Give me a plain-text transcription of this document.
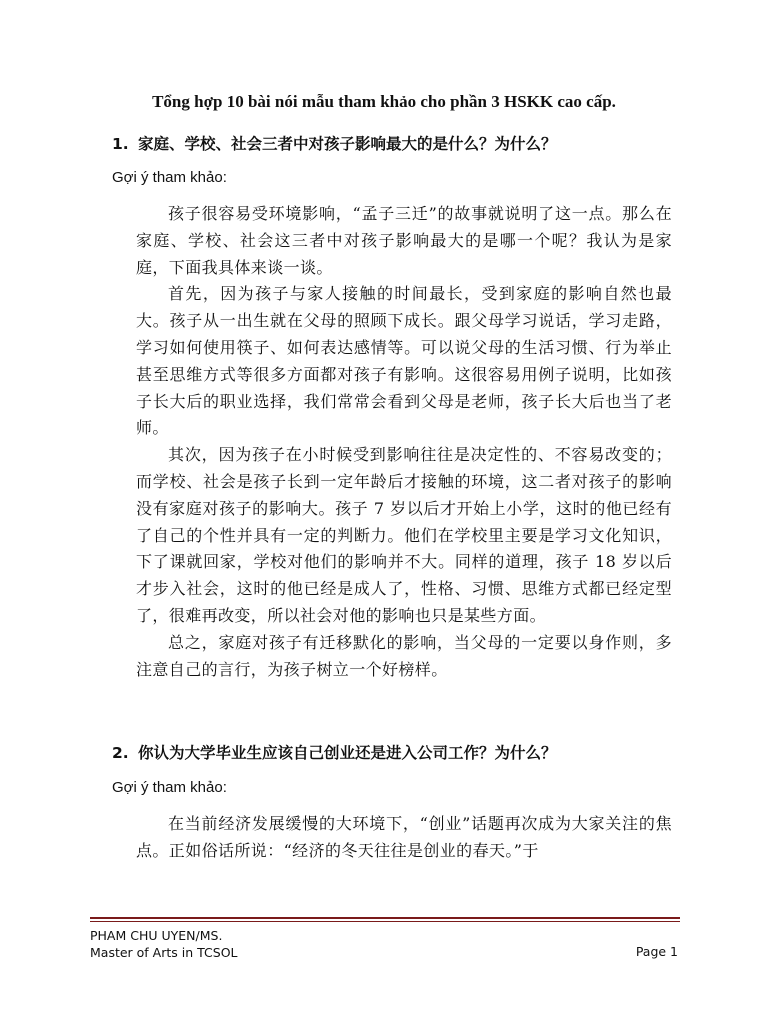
Tổng hợp 10 bài nói mẫu tham khảo cho phần 3 HSKK cao cấp.
1. 家庭、学校、社会三者中对孩子影响最大的是什么？为什么？
Gợi ý tham khảo:

孩子很容易受环境影响，“孟子三迁”的故事就说明了这一点。那么在家庭、学校、社会这三者中对孩子影响最大的是哪一个呢？我认为是家庭，下面我具体来谈一谈。

首先，因为孩子与家人接触的时间最长，受到家庭的影响自然也最大。孩子从一出生就在父母的照顾下成长。跟父母学习说话，学习走路，学习如何使用筷子、如何表达感情等。可以说父母的生活习惯、行为举止甚至思维方式等很多方面都对孩子有影响。这很容易用例子说明，比如孩子长大后的职业选择，我们常常会看到父母是老师，孩子长大后也当了老师。

其次，因为孩子在小时候受到影响往往是决定性的、不容易改变的；而学校、社会是孩子长到一定年龄后才接触的环境，这二者对孩子的影响没有家庭对孩子的影响大。孩子 7 岁以后才开始上小学，这时的他已经有了自己的个性并具有一定的判断力。他们在学校里主要是学习文化知识，下了课就回家，学校对他们的影响并不大。同样的道理，孩子 18 岁以后才步入社会，这时的他已经是成人了，性格、习惯、思维方式都已经定型了，很难再改变，所以社会对他的影响也只是某些方面。

总之，家庭对孩子有迁移默化的影响，当父母的一定要以身作则，多注意自己的言行，为孩子树立一个好榜样。

2. 你认为大学毕业生应该自己创业还是进入公司工作？为什么？
Gợi ý tham khảo:

在当前经济发展缓慢的大环境下，“创业”话题再次成为大家关注的焦点。正如俗话所说：“经济的冬天往往是创业的春天。”于

PHAM CHU UYEN/MS.
Master of Arts in TCSOL	Page 1
